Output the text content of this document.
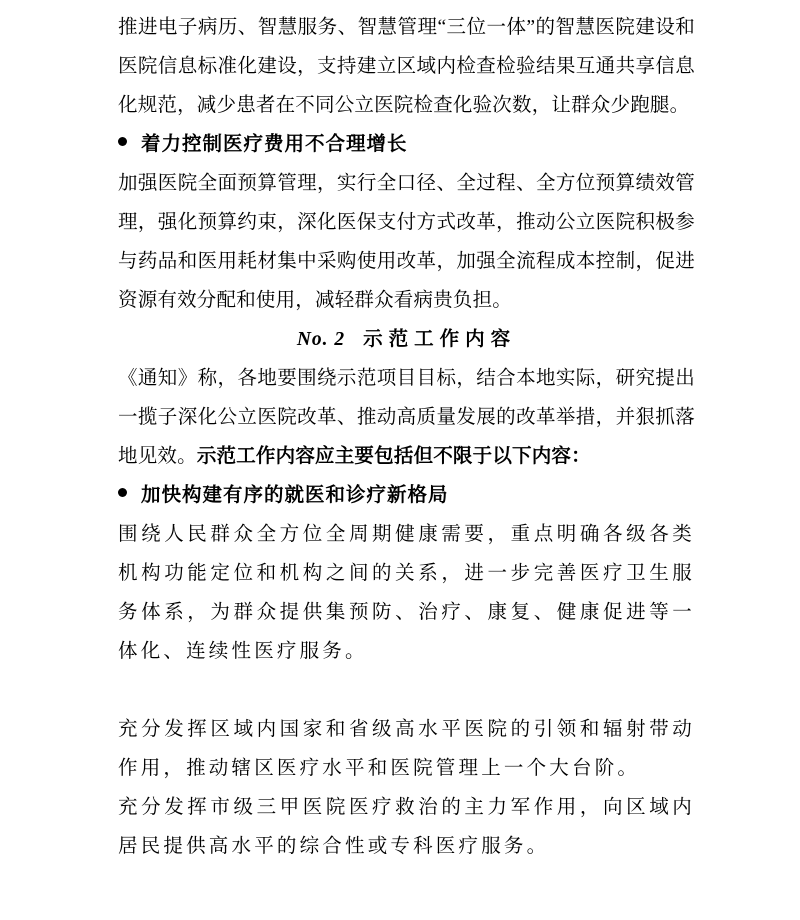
推进电子病历、智慧服务、智慧管理“三位一体”的智慧医院建设和医院信息标准化建设，支持建立区域内检查检验结果互通共享信息化规范，减少患者在不同公立医院检查化验次数，让群众少跑腿。

着力控制医疗费用不合理增长

加强医院全面预算管理，实行全口径、全过程、全方位预算绩效管理，强化预算约束，深化医保支付方式改革，推动公立医院积极参与药品和医用耗材集中采购使用改革，加强全流程成本控制，促进资源有效分配和使用，减轻群众看病贵负担。

No. 2 示范工作内容

《通知》称，各地要围绕示范项目目标，结合本地实际，研究提出一揽子深化公立医院改革、推动高质量发展的改革举措，并狠抓落地见效。示范工作内容应主要包括但不限于以下内容：

加快构建有序的就医和诊疗新格局

围绕人民群众全方位全周期健康需要，重点明确各级各类机构功能定位和机构之间的关系，进一步完善医疗卫生服务体系，为群众提供集预防、治疗、康复、健康促进等一体化、连续性医疗服务。

充分发挥区域内国家和省级高水平医院的引领和辐射带动作用，推动辖区医疗水平和医院管理上一个大台阶。

充分发挥市级三甲医院医疗救治的主力军作用，向区域内居民提供高水平的综合性或专科医疗服务。
